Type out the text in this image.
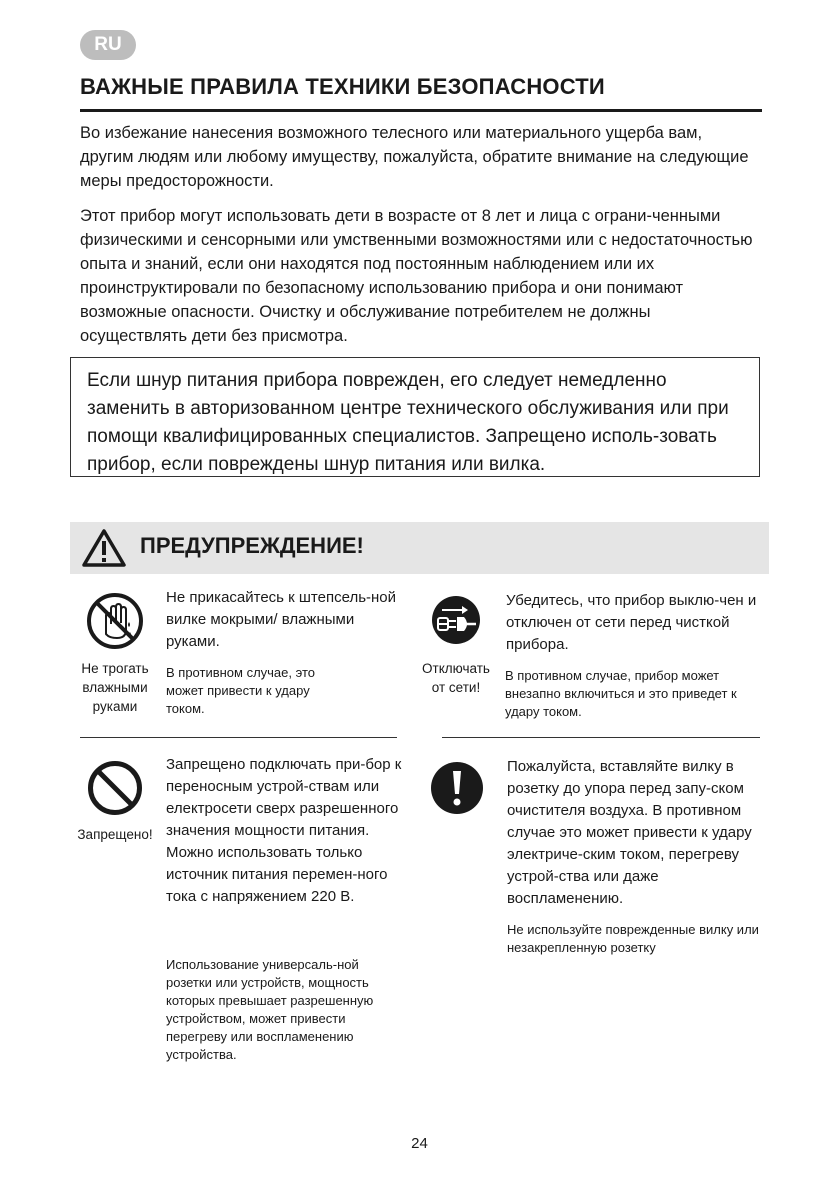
RU
ВАЖНЫЕ ПРАВИЛА ТЕХНИКИ БЕЗОПАСНОСТИ

Во избежание нанесения возможного телесного или материального ущерба вам, другим людям или любому имуществу, пожалуйста, обратите внимание на следующие меры предосторожности.

Этот прибор могут использовать дети в возрасте от 8 лет и лица с ограни-ченными физическими и сенсорными или умственными возможностями или с недостаточностью опыта и знаний, если они находятся под постоянным наблюдением или их проинструктировали по безопасному использованию прибора и они понимают возможные опасности. Очистку и обслуживание потребителем не должны осуществлять дети без присмотра.

Если шнур питания прибора поврежден, его следует немедленно заменить в авторизованном центре технического обслуживания или при помощи квалифицированных специалистов. Запрещено исполь-зовать прибор, если повреждены шнур питания или вилка.
ПРЕДУПРЕЖДЕНИЕ!
Не трогать влажными руками
Не прикасайтесь к штепсель-ной вилке мокрыми/ влажными руками.
В противном случае, это может привести к удару током.
Отключать от сети!
Убедитесь, что прибор выклю-чен и отключен от сети перед чисткой прибора.
В противном случае, прибор может внезапно включиться и это приведет к удару током.
Запрещено!
Запрещено подключать при-бор к переносным устрой-ствам или електросети сверх разрешенного значения мощности питания. Можно использовать только источник питания перемен-ного тока с напряжением 220 В.
Использование универсаль-ной розетки или устройств, мощность которых превышает разрешенную устройством, может привести перегреву или воспламенению устройства.
Пожалуйста, вставляйте вилку в розетку до упора перед запу-ском очистителя воздуха. В противном случае это может привести к удару электриче-ским током, перегреву устрой-ства или даже воспламенению.
Не используйте поврежденные вилку или незакрепленную розетку
24
